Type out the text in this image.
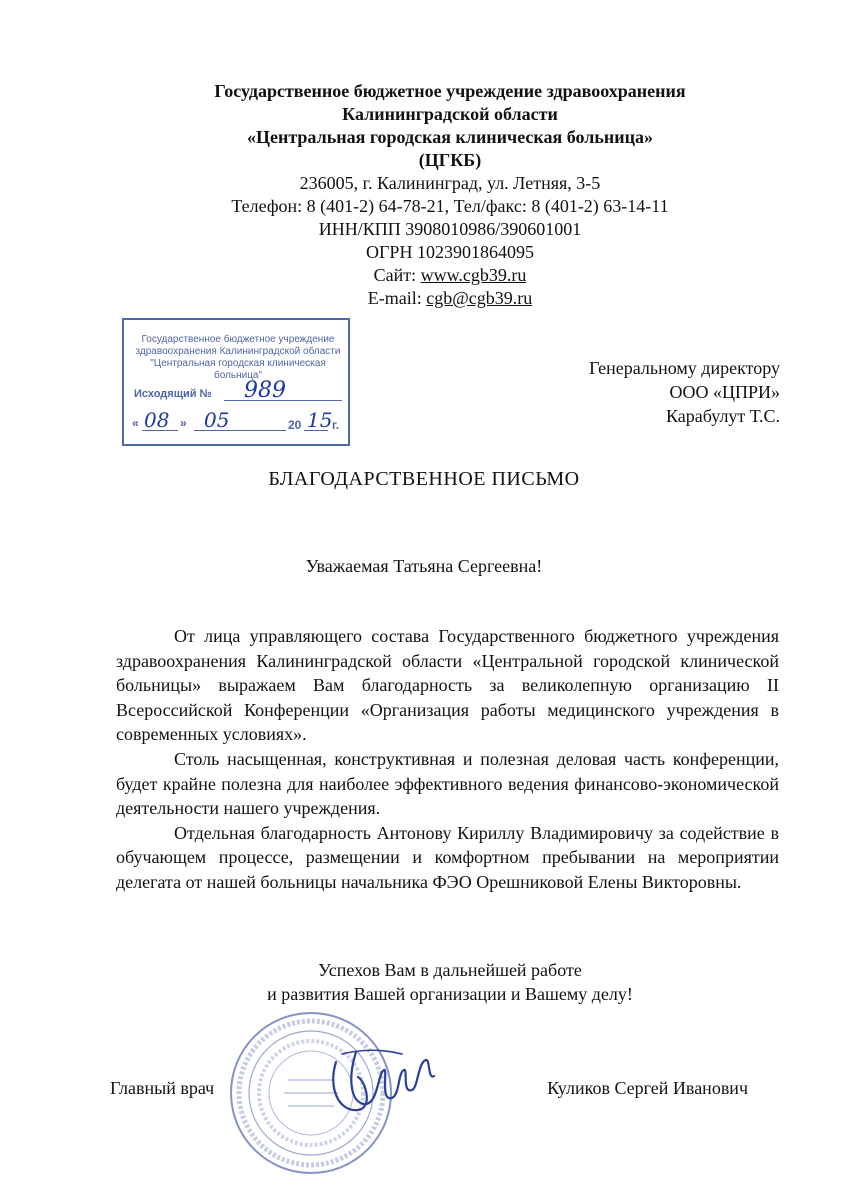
Государственное бюджетное учреждение здравоохранения
Калининградской области
«Центральная городская клиническая больница»
(ЦГКБ)
236005, г. Калининград, ул. Летняя, 3-5
Телефон: 8 (401-2) 64-78-21, Тел/факс: 8 (401-2) 63-14-11
ИНН/КПП 3908010986/390601001
ОГРН 1023901864095
Сайт: www.cgb39.ru
E-mail: cgb@cgb39.ru
Государственное бюджетное учреждение здравоохранения Калининградской области "Центральная городская клиническая больница"
Исходящий № 989
« 08 » 05	20 15 г.
Генеральному директору
ООО «ЦПРИ»
Карабулут Т.С.
БЛАГОДАРСТВЕННОЕ ПИСЬМО
Уважаемая Татьяна Сергеевна!

От лица управляющего состава Государственного бюджетного учреждения здравоохранения Калининградской области «Центральной городской клинической больницы» выражаем Вам благодарность за великолепную организацию II Всероссийской Конференции «Организация работы медицинского учреждения в современных условиях».

Столь насыщенная, конструктивная и полезная деловая часть конференции, будет крайне полезна для наиболее эффективного ведения финансово-экономической деятельности нашего учреждения.

Отдельная благодарность Антонову Кириллу Владимировичу за содействие в обучающем процессе, размещении и комфортном пребывании на мероприятии делегата от нашей больницы начальника ФЭО Орешниковой Елены Викторовны.

Успехов Вам в дальнейшей работе
и развития Вашей организации и Вашему делу!
Главный врач	Куликов Сергей Иванович
